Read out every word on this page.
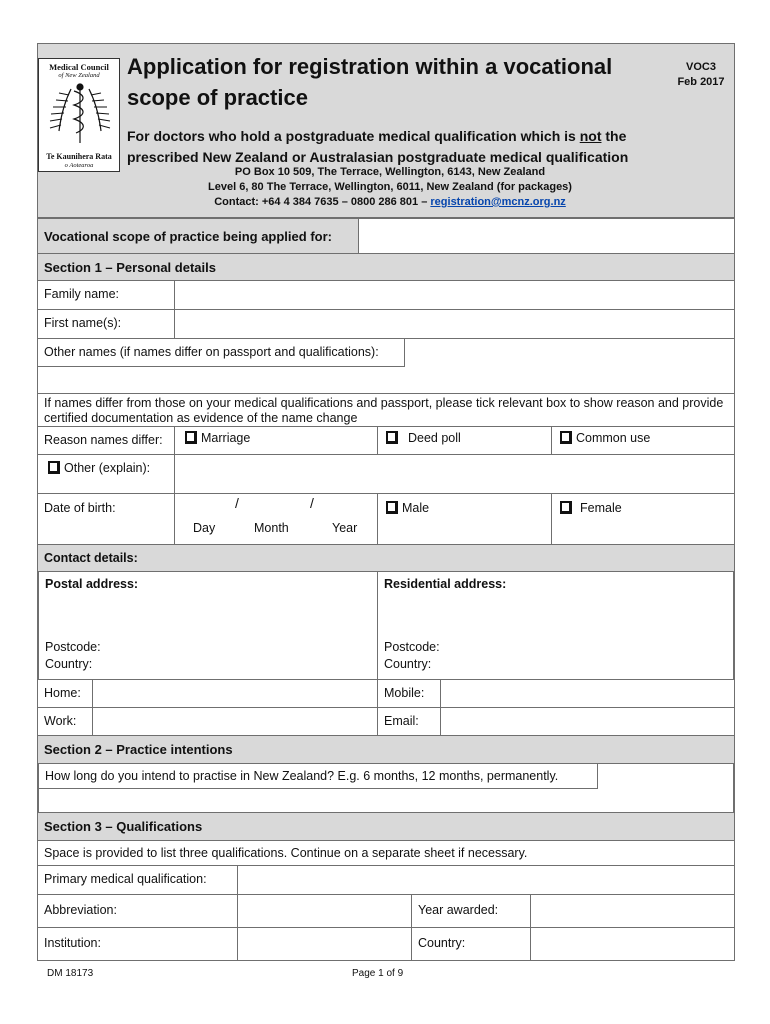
Medical Council
of New Zealand
Te Kaunihera Rata
o Aotearoa
Application for registration within a vocational
scope of practice
VOC3
Feb 2017
For doctors who hold a postgraduate medical qualification which is not the
prescribed New Zealand or Australasian postgraduate medical qualification
PO Box 10 509, The Terrace, Wellington, 6143, New Zealand
Level 6, 80 The Terrace, Wellington, 6011, New Zealand (for packages)
Contact: +64 4 384 7635 – 0800 286 801 – registration@mcnz.org.nz
Vocational scope of practice being applied for:
Section 1 – Personal details
Family name:
First name(s):
Other names (if names differ on passport and qualifications):
If names differ from those on your medical qualifications and passport, please tick relevant box to show reason and provide certified documentation as evidence of the name change
Reason names differ:	Marriage	Deed poll	Common use
Other (explain):
Date of birth:	/	/
Day	Month	Year
Male	Female
Contact details:
Postal address:
Postcode:
Country:
Residential address:
Postcode:
Country:
Home:	Mobile:
Work:	Email:
Section 2 – Practice intentions
How long do you intend to practise in New Zealand? E.g. 6 months, 12 months, permanently.
Section 3 – Qualifications
Space is provided to list three qualifications. Continue on a separate sheet if necessary.
Primary medical qualification:
Abbreviation:	Year awarded:
Institution:	Country:
DM 18173	Page 1 of 9
